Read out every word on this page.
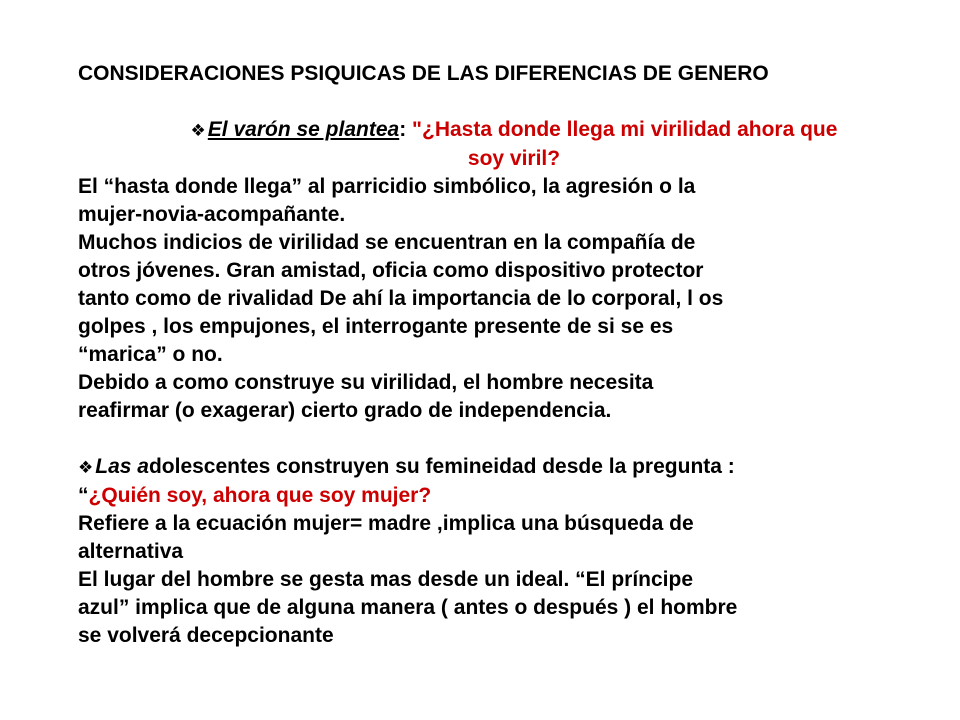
CONSIDERACIONES PSIQUICAS DE LAS DIFERENCIAS DE GENERO

❖El varón se plantea: "¿Hasta donde llega mi virilidad ahora que

soy viril?

El “hasta donde llega” al parricidio simbólico, la agresión o la

mujer-novia-acompañante.

Muchos indicios de virilidad se encuentran en la compañía de

otros jóvenes. Gran amistad, oficia como dispositivo protector

tanto como de rivalidad De ahí la importancia de lo corporal, l os

golpes , los empujones, el interrogante presente de si se es

“marica” o no.

Debido a como construye su virilidad, el hombre necesita

reafirmar (o exagerar) cierto grado de independencia.

❖Las adolescentes construyen su femineidad desde la pregunta :

“¿Quién soy, ahora que soy mujer?

Refiere a la ecuación mujer= madre ,implica una búsqueda de

alternativa

El lugar del hombre se gesta mas desde un ideal. “El príncipe

azul” implica que de alguna manera ( antes o después ) el hombre

se volverá decepcionante
